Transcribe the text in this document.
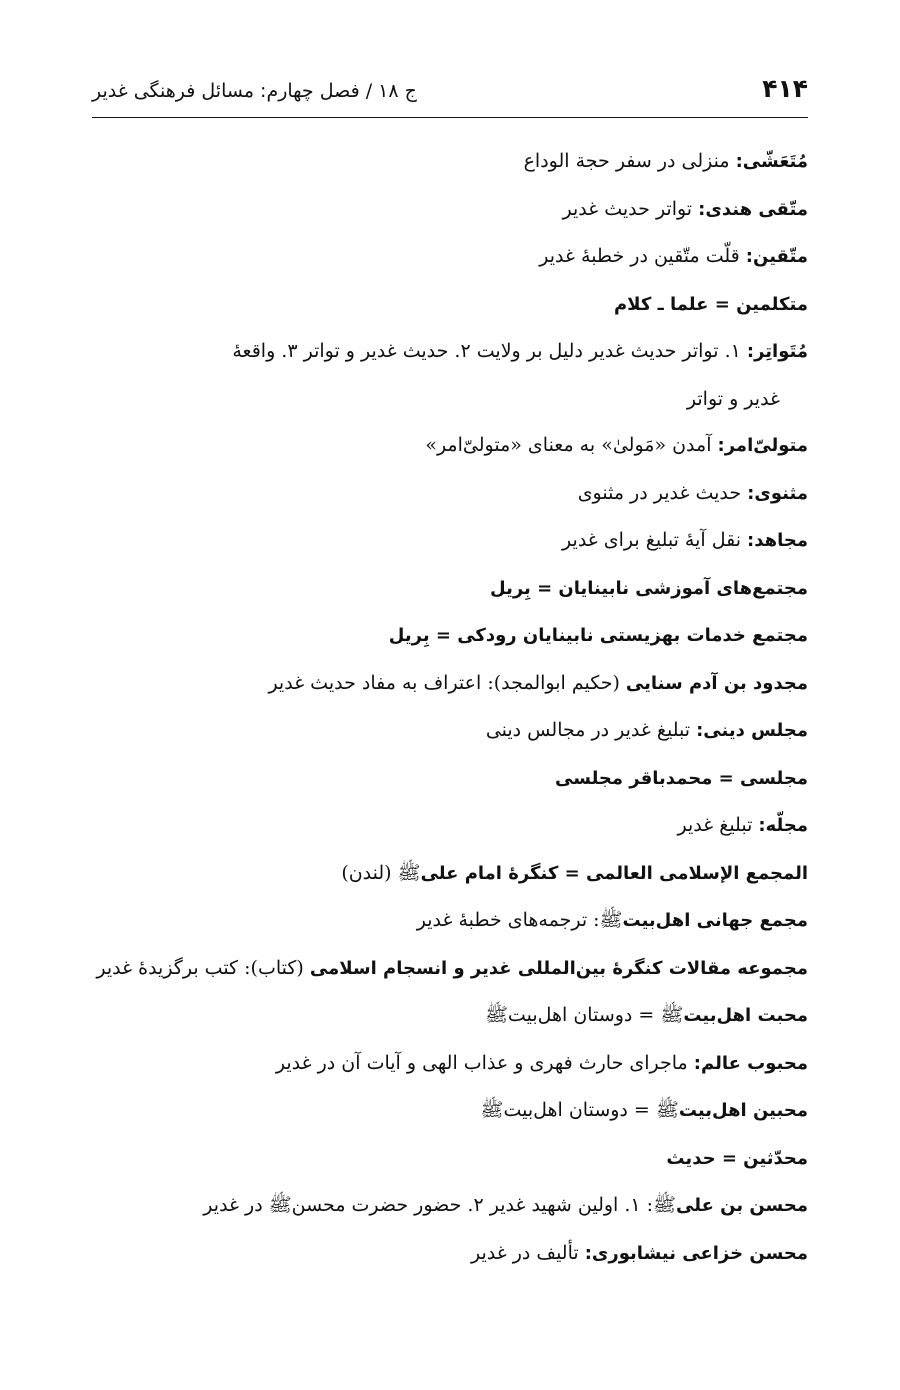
۴۱۴
ج ۱۸ / فصل چهارم: مسائل فرهنگی غدیر
مُتَعَشّی: منزلی در سفر حجة الوداع
متّقی هندی: تواتر حدیث غدیر
متّقین: قلّت متّقین در خطبهٔ غدیر
متکلمین = علما ـ کلام
مُتَواتِر: ۱. تواتر حدیث غدیر دلیل بر ولایت ۲. حدیث غدیر و تواتر ۳. واقعهٔ
غدیر و تواتر
متولیّ‌امر: آمدن «مَولیٰ» به معنای «متولیّ‌امر»
مثنوی: حدیث غدیر در مثنوی
مجاهد: نقل آیهٔ تبلیغ برای غدیر
مجتمع‌های آموزشی نابینایان = بِریل
مجتمع خدمات بهزیستی نابینایان رودکی = بِریل
مجدود بن آدم سنایی (حکیم ابوالمجد): اعتراف به مفاد حدیث غدیر
مجلس دینی: تبلیغ غدیر در مجالس دینی
مجلسی = محمدباقر مجلسی
مجلّه: تبلیغ غدیر
المجمع الإسلامی العالمی = کنگرهٔ امام علیﷺ (لندن)
مجمع جهانی اهل‌بیتﷺ: ترجمه‌های خطبهٔ غدیر
مجموعه مقالات کنگرهٔ بین‌المللی غدیر و انسجام اسلامی (کتاب): کتب برگزیدهٔ غدیر
محبت اهل‌بیتﷺ = دوستان اهل‌بیتﷺ
محبوب عالم: ماجرای حارث فهری و عذاب الهی و آیات آن در غدیر
محبین اهل‌بیتﷺ = دوستان اهل‌بیتﷺ
محدّثین = حدیث
محسن بن علیﷺ: ۱. اولین شهید غدیر ۲. حضور حضرت محسنﷺ در غدیر
محسن خزاعی نیشابوری: تألیف در غدیر
